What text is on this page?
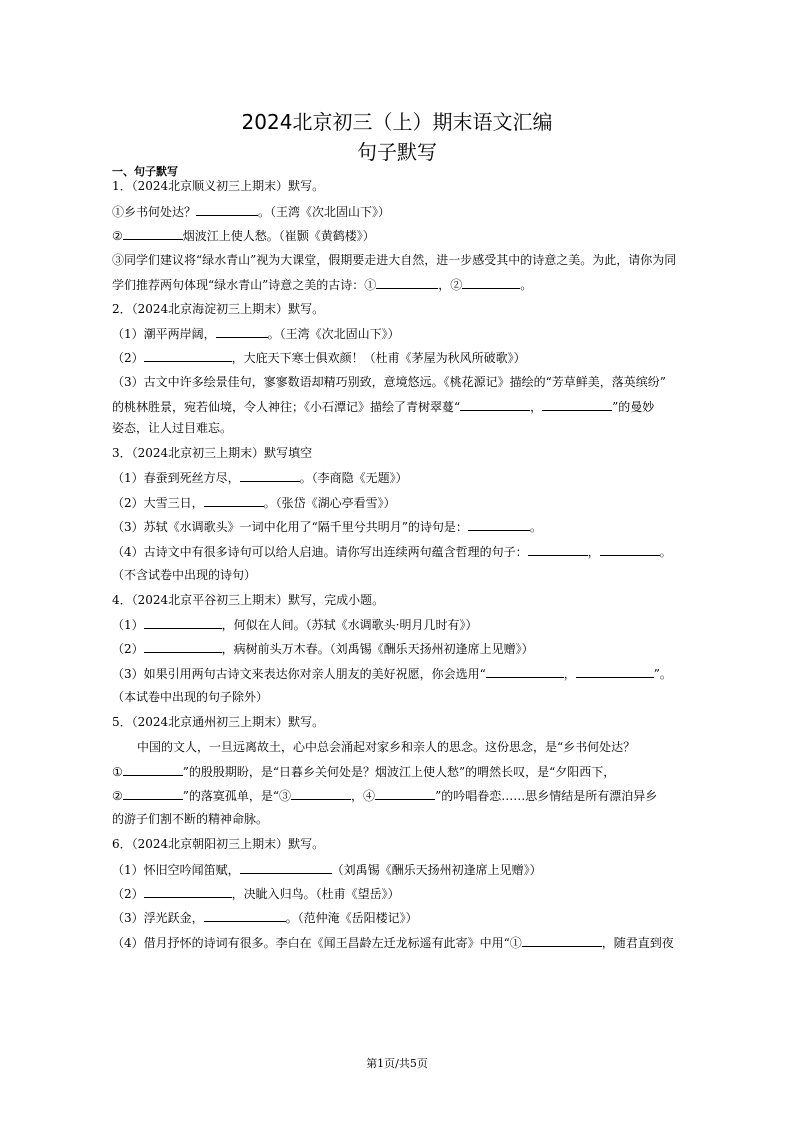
2024北京初三（上）期末语文汇编
句子默写
一、句子默写
1．（2024北京顺义初三上期末）默写。
①乡书何处达？	。（王湾《次北固山下》）
②	烟波江上使人愁。（崔颢《黄鹤楼》）
③同学们建议将“绿水青山”视为大课堂，假期要走进大自然，进一步感受其中的诗意之美。为此，请你为同
学们推荐两句体现“绿水青山”诗意之美的古诗：①	，②	。
2．（2024北京海淀初三上期末）默写。
（1）潮平两岸阔，	。（王湾《次北固山下》）
（2）	，大庇天下寒士俱欢颜！（杜甫《茅屋为秋风所破歌》）
（3）古文中许多绘景佳句，寥寥数语却精巧别致，意境悠远。《桃花源记》描绘的“芳草鲜美，落英缤纷”
的桃林胜景，宛若仙境，令人神往；《小石潭记》描绘了青树翠蔓“	，	”的曼妙
姿态，让人过目难忘。
3．（2024北京初三上期末）默写填空
（1）春蚕到死丝方尽，	。（李商隐《无题》）
（2）大雪三日，	。（张岱《湖心亭看雪》）
（3）苏轼《水调歌头》一词中化用了“隔千里兮共明月”的诗句是：	。
（4）古诗文中有很多诗句可以给人启迪。请你写出连续两句蕴含哲理的句子：	，	。
（不含试卷中出现的诗句）
4．（2024北京平谷初三上期末）默写，完成小题。
（1）	，何似在人间。（苏轼《水调歌头·明月几时有》）
（2）	，病树前头万木春。（刘禹锡《酬乐天扬州初逢席上见赠》）
（3）如果引用两句古诗文来表达你对亲人朋友的美好祝愿，你会选用“	，	”。
（本试卷中出现的句子除外）
5．（2024北京通州初三上期末）默写。
中国的文人，一旦远离故土，心中总会涌起对家乡和亲人的思念。这份思念，是“乡书何处达？
①	”的殷殷期盼，是“日暮乡关何处是？烟波江上使人愁”的喟然长叹，是“夕阳西下，
②	”的落寞孤单，是“③	，④	”的吟唱眷恋……思乡情结是所有漂泊异乡
的游子们割不断的精神命脉。
6．（2024北京朝阳初三上期末）默写。
（1）怀旧空吟闻笛赋，	（刘禹锡《酬乐天扬州初逢席上见赠》）
（2）	，决眦入归鸟。（杜甫《望岳》）
（3）浮光跃金，	。（范仲淹《岳阳楼记》）
（4）借月抒怀的诗词有很多。李白在《闻王昌龄左迁龙标遥有此寄》中用“①	，随君直到夜
第1页/共5页
